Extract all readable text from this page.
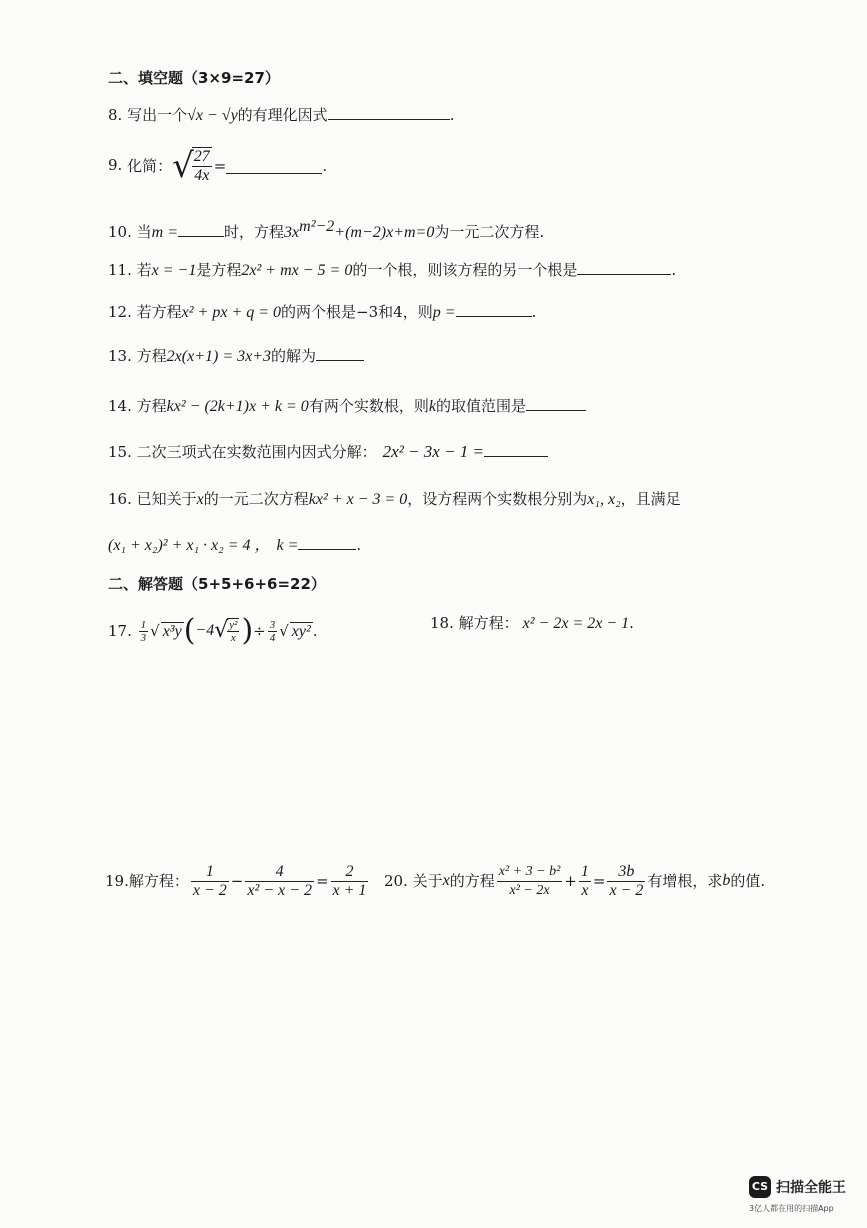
二、填空题（3×9=27）
8. 写出一个√x − √y的有理化因式	.
9. 化简：√
$\frac{27}{4x}$ =	.
10. 当m =	时，方程$3x^{m^2-2}+(m-2)x+m=0$为一元二次方程.
11. 若x = −1是方程2x² + mx − 5 = 0的一个根，则该方程的另一个根是	.
12. 若方程x² + px + q = 0的两个根是−3和4，则p =	.
13. 方程2x(x+1) = 3x+3的解为
14. 方程kx² − (2k+1)x + k = 0有两个实数根，则k的取值范围是
15. 二次三项式在实数范围内因式分解： 2x² − 3x − 1 =
16. 已知关于x的一元二次方程kx² + x − 3 = 0，设方程两个实数根分别为x₁, x₂，且满足
(x₁ + x₂)² + x₁ · x₂ = 4 ， k =	.
二、解答题（5+5+6+6=22）
17. $\frac{1}{3}$ √ $x^3y(-4√ \frac{\text{y²}}{x}$ )÷ $\frac{3}{4}$ √ xy² .	18. 解方程： x² − 2x = 2x − 1.
19.解方程： $\frac{1}{x - 2} - \frac{4}{\text{x² − x − 2}} = \frac{2}{x + 1} 20$. 关于x的方程 $\frac{\text{x² + 3 − b²}}{\text{x² − 2x}} + \frac{1}{x} = \frac{3b}{x - 2}$ 有增根，求b的值.
CS 扫描全能王
3亿人都在用的扫描App
